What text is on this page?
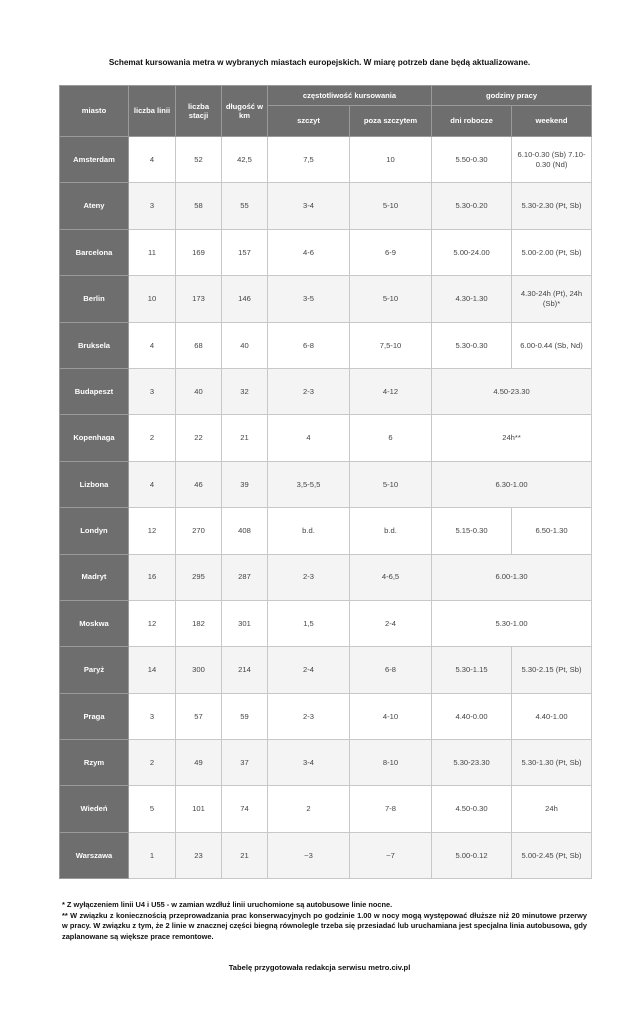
Schemat kursowania metra w wybranych miastach europejskich. W miarę potrzeb dane będą aktualizowane.
miasto	liczba linii	liczba stacji	długość w km	częstotliwość kursowania		godziny pracy	
				szczyt	poza szczytem	dni robocze	weekend
Amsterdam	4	52	42,5	7,5	10	5.50-0.30	6.10-0.30 (Sb) 7.10-0.30 (Nd)
Ateny	3	58	55	3-4	5-10	5.30-0.20	5.30-2.30 (Pt, Sb)
Barcelona	11	169	157	4-6	6-9	5.00-24.00	5.00-2.00 (Pt, Sb)
Berlin	10	173	146	3-5	5-10	4.30-1.30	4.30-24h (Pt), 24h (Sb)*
Bruksela	4	68	40	6-8	7,5-10	5.30-0.30	6.00-0.44 (Sb, Nd)
Budapeszt	3	40	32	2-3	4-12	4.50-23.30	
Kopenhaga	2	22	21	4	6	24h**	
Lizbona	4	46	39	3,5-5,5	5-10	6.30-1.00	
Londyn	12	270	408	b.d.	b.d.	5.15-0.30	6.50-1.30
Madryt	16	295	287	2-3	4-6,5	6.00-1.30	
Moskwa	12	182	301	1,5	2-4	5.30-1.00	
Paryż	14	300	214	2-4	6-8	5.30-1.15	5.30-2.15 (Pt, Sb)
Praga	3	57	59	2-3	4-10	4.40-0.00	4.40-1.00
Rzym	2	49	37	3-4	8-10	5.30-23.30	5.30-1.30 (Pt, Sb)
Wiedeń	5	101	74	2	7-8	4.50-0.30	24h
Warszawa	1	23	21	~3	~7	5.00-0.12	5.00-2.45 (Pt, Sb)

* Z wyłączeniem linii U4 i U55 - w zamian wzdłuż linii uruchomione są autobusowe linie nocne.

** W związku z koniecznością przeprowadzania prac konserwacyjnych po godzinie 1.00 w nocy mogą występować dłuższe niż 20 minutowe przerwy w pracy. W związku z tym, że 2 linie w znacznej części biegną równolegle trzeba się przesiadać lub uruchamiana jest specjalna linia autobusowa, gdy zaplanowane są większe prace remontowe.

Tabelę przygotowała redakcja serwisu metro.civ.pl
